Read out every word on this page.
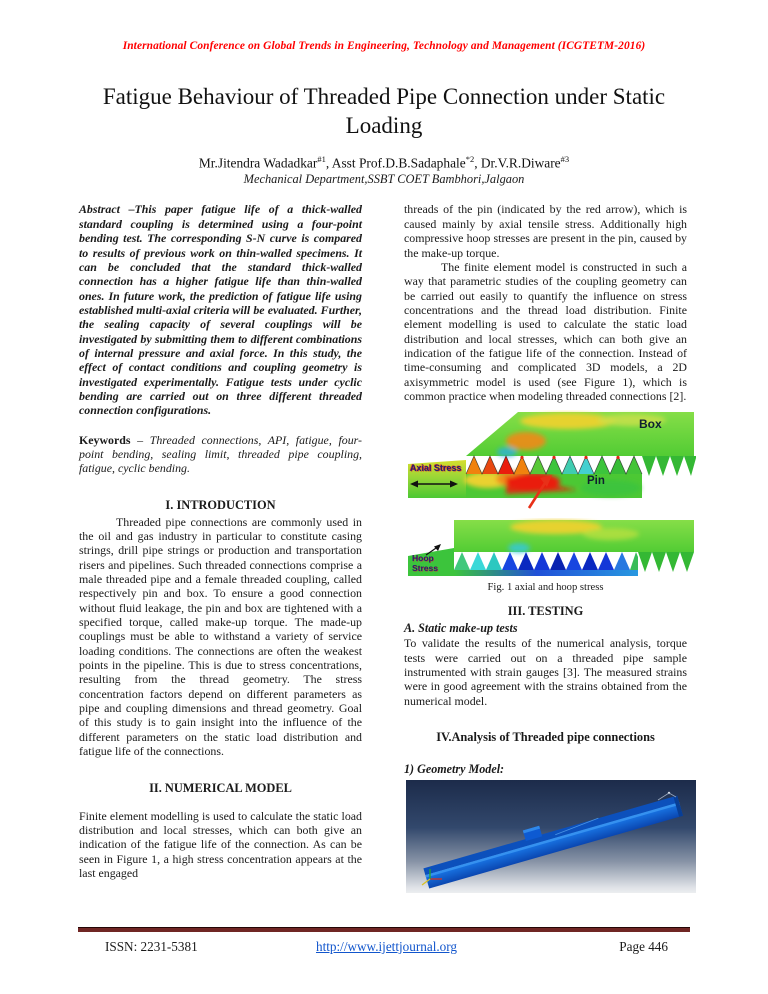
International Conference on Global Trends in Engineering, Technology and Management (ICGTETM-2016)
Fatigue Behaviour of Threaded Pipe Connection under Static Loading
Mr.Jitendra Wadadkar$^{\#1}$, Asst Prof.D.B.Sadaphale$^{*2}$, Dr.V.R.Diware$^{\#3}$
Mechanical Department,SSBT COET Bambhori,Jalgaon

Abstract –This paper fatigue life of a thick-walled standard coupling is determined using a four-point bending test. The corresponding S-N curve is compared to results of previous work on thin-walled specimens. It can be concluded that the standard thick-walled connection has a higher fatigue life than thin-walled ones. In future work, the prediction of fatigue life using established multi-axial criteria will be evaluated. Further, the sealing capacity of several couplings will be investigated by submitting them to different combinations of internal pressure and axial force. In this study, the effect of contact conditions and coupling geometry is investigated experimentally. Fatigue tests under cyclic bending are carried out on three different threaded connection configurations.

Keywords – Threaded connections, API, fatigue, four-point bending, sealing limit, threaded pipe coupling, fatigue, cyclic bending.

I. INTRODUCTION

Threaded pipe connections are commonly used in the oil and gas industry in particular to constitute casing strings, drill pipe strings or production and transportation risers and pipelines. Such threaded connections comprise a male threaded pipe and a female threaded coupling, called respectively pin and box. To ensure a good connection without fluid leakage, the pin and box are tightened with a specified torque, called make-up torque. The made-up couplings must be able to withstand a variety of service loading conditions. The connections are often the weakest points in the pipeline. This is due to stress concentrations, resulting from the thread geometry. The stress concentration factors depend on different parameters as pipe and coupling dimensions and thread geometry. Goal of this study is to gain insight into the influence of the different parameters on the static load distribution and fatigue life of the connections.

II. NUMERICAL MODEL

Finite element modelling is used to calculate the static load distribution and local stresses, which can both give an indication of the fatigue life of the connection. As can be seen in Figure 1, a high stress concentration appears at the last engaged

threads of the pin (indicated by the red arrow), which is caused mainly by axial tensile stress. Additionally high compressive hoop stresses are present in the pin, caused by the make-up torque.

The finite element model is constructed in such a way that parametric studies of the coupling geometry can be carried out easily to quantify the influence on stress concentrations and the thread load distribution. Finite element modelling is used to calculate the static load distribution and local stresses, which can both give an indication of the fatigue life of the connection. Instead of time-consuming and complicated 3D models, a 2D axisymmetric model is used (see Figure 1), which is common practice when modeling threaded connections [2].

Axial Stress
Box
Pin
Hoop Stress

Fig. 1 axial and hoop stress

III. TESTING
A. Static make-up tests

To validate the results of the numerical analysis, torque tests were carried out on a threaded pipe sample instrumented with strain gauges [3]. The measured strains were in good agreement with the strains obtained from the numerical model.

IV.Analysis of Threaded pipe connections
1) Geometry Model:
ISSN: 2231-5381	http://www.ijettjournal.org	Page 446
